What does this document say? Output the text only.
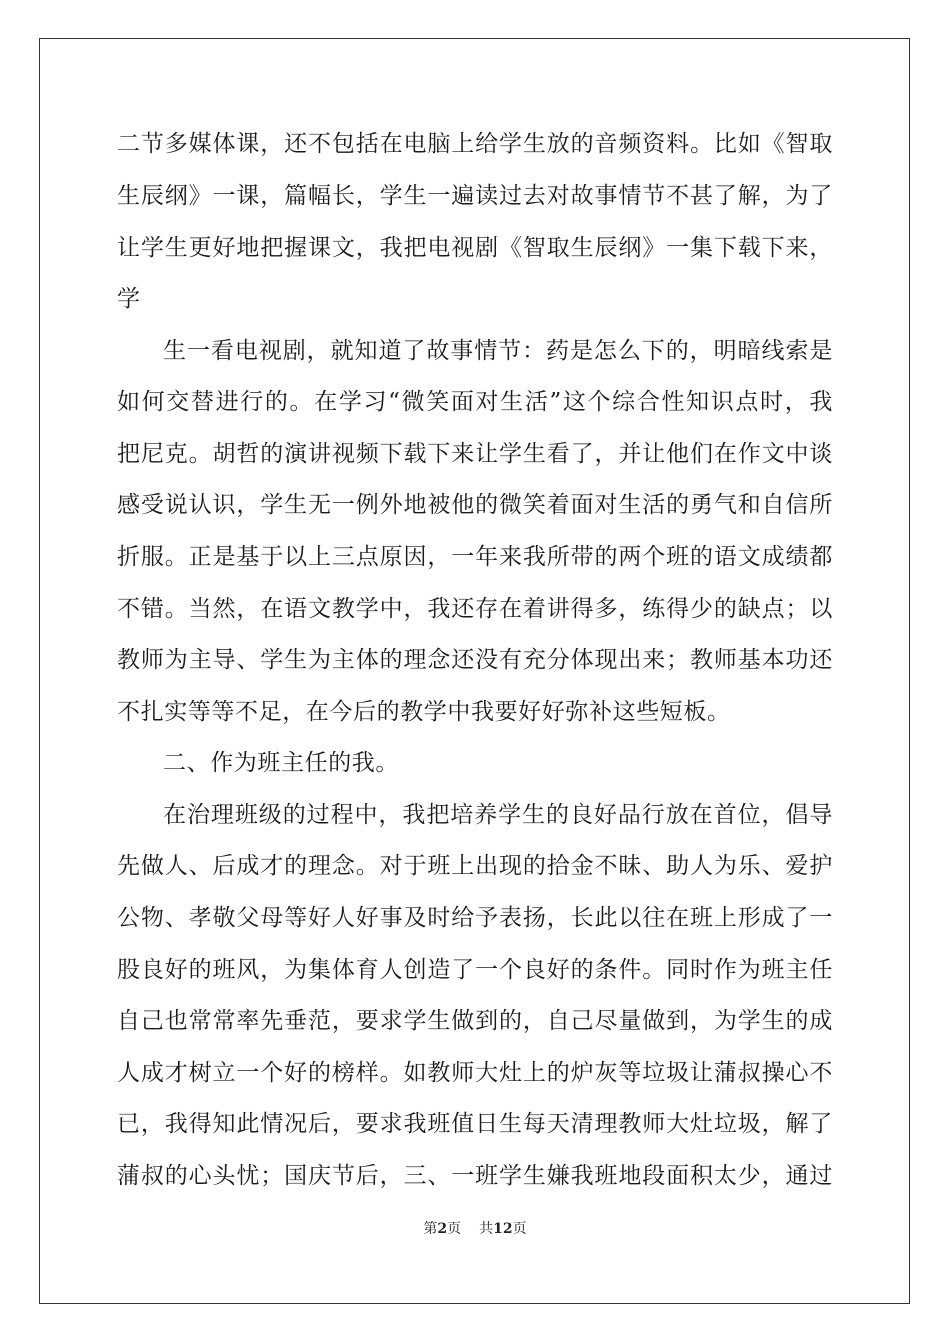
二节多媒体课，还不包括在电脑上给学生放的音频资料。比如《智取
生辰纲》一课，篇幅长，学生一遍读过去对故事情节不甚了解，为了
让学生更好地把握课文，我把电视剧《智取生辰纲》一集下载下来，
学
生一看电视剧，就知道了故事情节：药是怎么下的，明暗线索是
如何交替进行的。在学习“微笑面对生活”这个综合性知识点时，我
把尼克。胡哲的演讲视频下载下来让学生看了，并让他们在作文中谈
感受说认识，学生无一例外地被他的微笑着面对生活的勇气和自信所
折服。正是基于以上三点原因，一年来我所带的两个班的语文成绩都
不错。当然，在语文教学中，我还存在着讲得多，练得少的缺点；以
教师为主导、学生为主体的理念还没有充分体现出来；教师基本功还
不扎实等等不足，在今后的教学中我要好好弥补这些短板。
二、作为班主任的我。
在治理班级的过程中，我把培养学生的良好品行放在首位，倡导
先做人、后成才的理念。对于班上出现的拾金不昧、助人为乐、爱护
公物、孝敬父母等好人好事及时给予表扬，长此以往在班上形成了一
股良好的班风，为集体育人创造了一个良好的条件。同时作为班主任
自己也常常率先垂范，要求学生做到的，自己尽量做到，为学生的成
人成才树立一个好的榜样。如教师大灶上的炉灰等垃圾让蒲叔操心不
已，我得知此情况后，要求我班值日生每天清理教师大灶垃圾，解了
蒲叔的心头忧；国庆节后，三、一班学生嫌我班地段面积太少，通过
第2页 共12页
